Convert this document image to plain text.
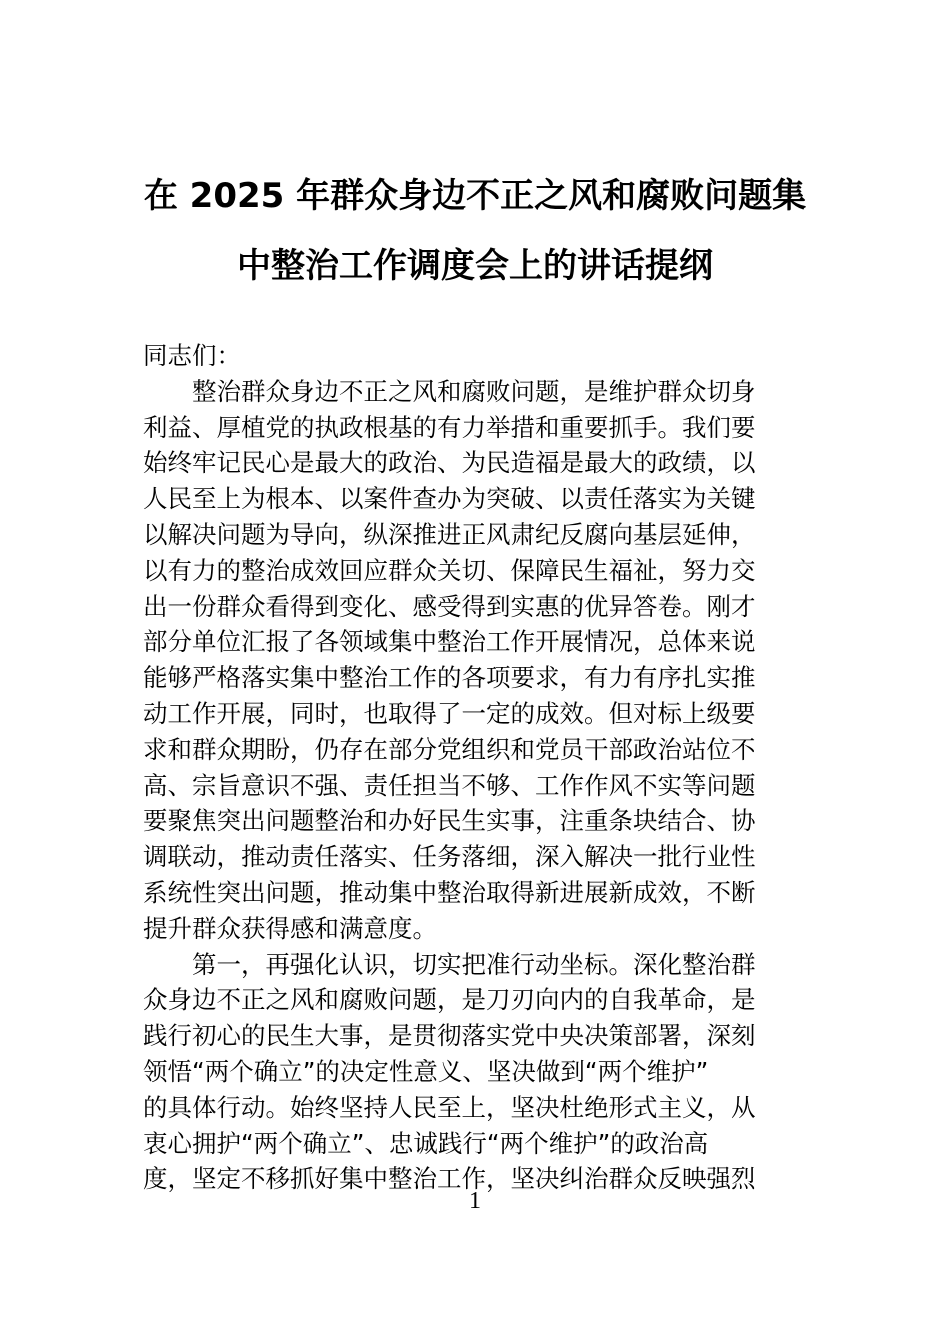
在 2025 年群众身边不正之风和腐败问题集
中整治工作调度会上的讲话提纲
同志们：
整治群众身边不正之风和腐败问题，是维护群众切身
利益、厚植党的执政根基的有力举措和重要抓手。我们要
始终牢记民心是最大的政治、为民造福是最大的政绩，以
人民至上为根本、以案件查办为突破、以责任落实为关键
以解决问题为导向，纵深推进正风肃纪反腐向基层延伸，
以有力的整治成效回应群众关切、保障民生福祉，努力交
出一份群众看得到变化、感受得到实惠的优异答卷。刚才
部分单位汇报了各领域集中整治工作开展情况，总体来说
能够严格落实集中整治工作的各项要求，有力有序扎实推
动工作开展，同时，也取得了一定的成效。但对标上级要
求和群众期盼，仍存在部分党组织和党员干部政治站位不
高、宗旨意识不强、责任担当不够、工作作风不实等问题
要聚焦突出问题整治和办好民生实事，注重条块结合、协
调联动，推动责任落实、任务落细，深入解决一批行业性
系统性突出问题，推动集中整治取得新进展新成效，不断
提升群众获得感和满意度。
第一，再强化认识，切实把准行动坐标。深化整治群
众身边不正之风和腐败问题，是刀刃向内的自我革命，是
践行初心的民生大事，是贯彻落实党中央决策部署，深刻
领悟“两个确立”的决定性意义、坚决做到“两个维护”
的具体行动。始终坚持人民至上，坚决杜绝形式主义，从
衷心拥护“两个确立”、忠诚践行“两个维护”的政治高
度，坚定不移抓好集中整治工作，坚决纠治群众反映强烈
1
